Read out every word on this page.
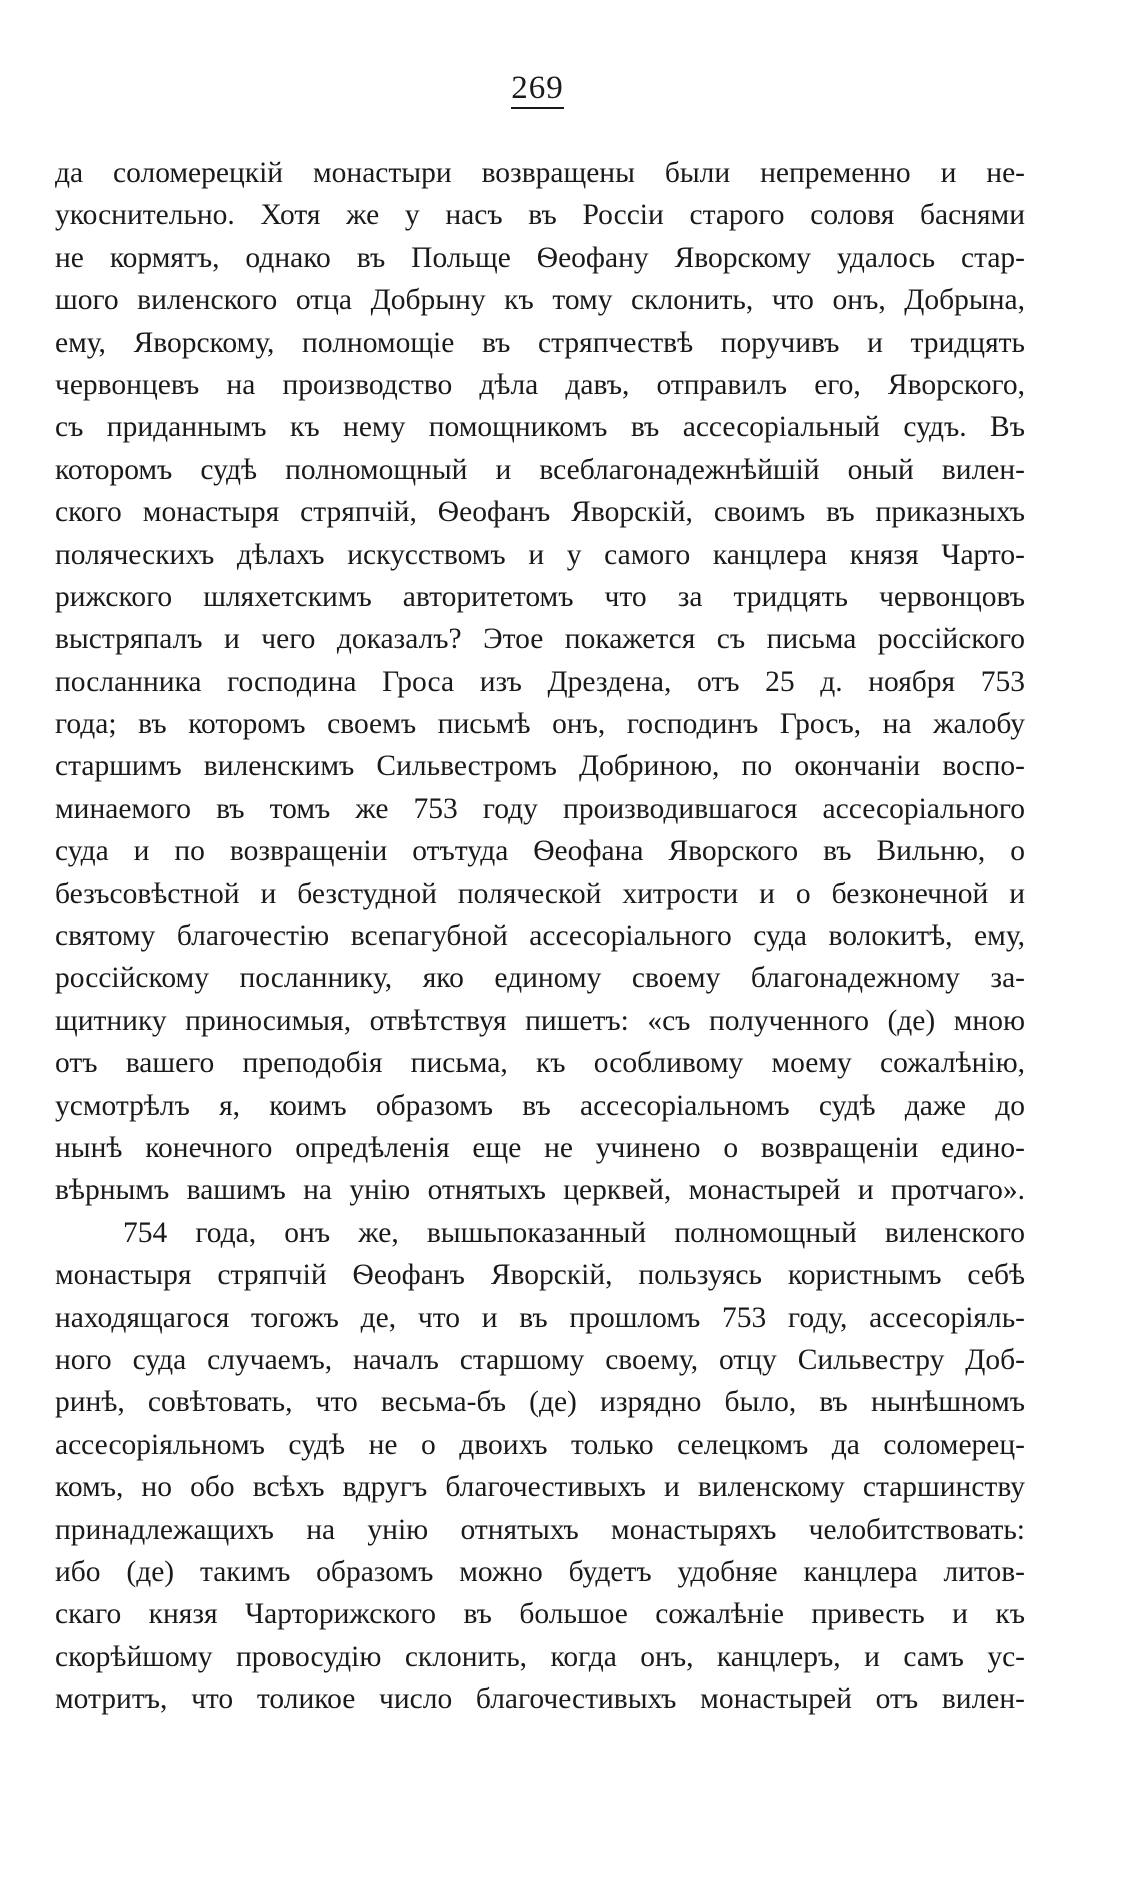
269
да соломерецкій монастыри возвращены были непременно и не-
укоснительно. Хотя же у насъ въ Россіи старого соловя баснями
не кормятъ, однако въ Польще Ѳеофану Яворскому удалось стар-
шого виленского отца Добрыну къ тому склонить, что онъ, Добрына,
ему, Яворскому, полномощіе въ стряпчествѣ поручивъ и тридцять
червонцевъ на производство дѣла давъ, отправилъ его, Яворского,
съ приданнымъ къ нему помощникомъ въ ассесоріальный судъ. Въ
которомъ судѣ полномощный и всеблагонадежнѣйшій оный вилен-
ского монастыря стряпчій, Ѳеофанъ Яворскій, своимъ въ приказныхъ
поляческихъ дѣлахъ искусствомъ и у самого канцлера князя Чарто-
рижского шляхетскимъ авторитетомъ что за тридцять червонцовъ
выстряпалъ и чего доказалъ? Этое покажется съ письма россійского
посланника господина Гроса изъ Дрездена, отъ 25 д. ноября 753
года; въ которомъ своемъ письмѣ онъ, господинъ Гросъ, на жалобу
старшимъ виленскимъ Сильвестромъ Добриною, по окончаніи воспо-
минаемого въ томъ же 753 году производившагося ассесоріального
суда и по возвращеніи отътуда Ѳеофана Яворского въ Вильню, о
безъсовѣстной и безстудной поляческой хитрости и о безконечной и
святому благочестію всепагубной ассесоріального суда волокитѣ, ему,
россійскому посланнику, яко единому своему благонадежному за-
щитнику приносимыя, отвѣтствуя пишетъ: «съ полученного (де) мною
отъ вашего преподобія письма, къ особливому моему сожалѣнію,
усмотрѣлъ я, коимъ образомъ въ ассесоріальномъ судѣ даже до
нынѣ конечного опредѣленія еще не учинено о возвращеніи едино-
вѣрнымъ вашимъ на унію отнятыхъ церквей, монастырей и протчаго».
754 года, онъ же, вышьпоказанный полномощный виленского
монастыря стряпчій Ѳеофанъ Яворскій, пользуясь користнымъ себѣ
находящагося тогожъ де, что и въ прошломъ 753 году, ассесоріяль-
ного суда случаемъ, началъ старшому своему, отцу Сильвестру Доб-
ринѣ, совѣтовать, что весьма-бъ (де) изрядно было, въ нынѣшномъ
ассесоріяльномъ судѣ не о двоихъ только селецкомъ да соломерец-
комъ, но обо всѣхъ вдругъ благочестивыхъ и виленскому старшинству
принадлежащихъ на унію отнятыхъ монастыряхъ челобитствовать:
ибо (де) такимъ образомъ можно будетъ удобняе канцлера литов-
скаго князя Чарторижского въ большое сожалѣніе привесть и къ
скорѣйшому провосудію склонить, когда онъ, канцлеръ, и самъ ус-
мотритъ, что толикое число благочестивыхъ монастырей отъ вилен-
